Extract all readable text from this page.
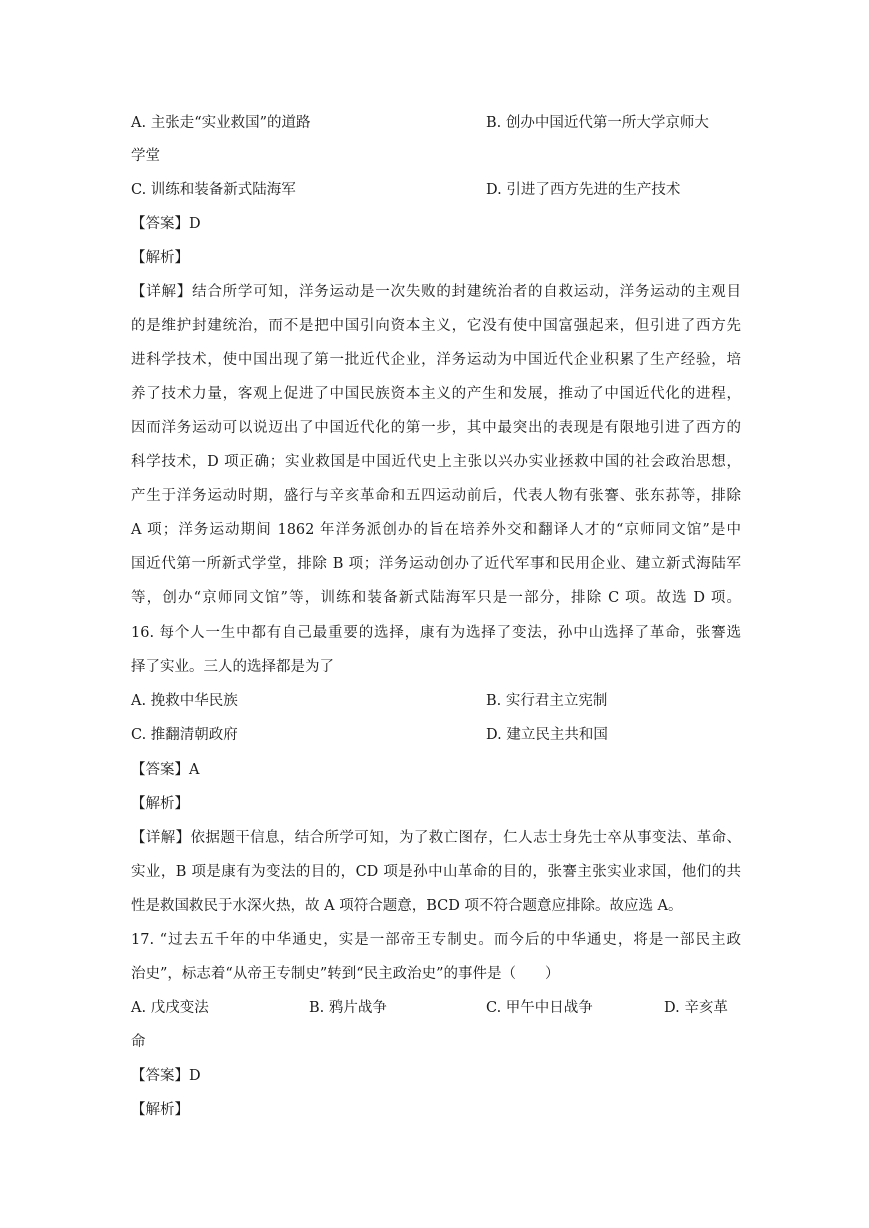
A. 主张走“实业救国”的道路	B. 创办中国近代第一所大学京师大
学堂
C. 训练和装备新式陆海军	D. 引进了西方先进的生产技术
【答案】D
【解析】
【详解】结合所学可知，洋务运动是一次失败的封建统治者的自救运动，洋务运动的主观目
的是维护封建统治，而不是把中国引向资本主义，它没有使中国富强起来，但引进了西方先
进科学技术，使中国出现了第一批近代企业，洋务运动为中国近代企业积累了生产经验，培
养了技术力量，客观上促进了中国民族资本主义的产生和发展，推动了中国近代化的进程，
因而洋务运动可以说迈出了中国近代化的第一步，其中最突出的表现是有限地引进了西方的
科学技术，D 项正确；实业救国是中国近代史上主张以兴办实业拯救中国的社会政治思想，
产生于洋务运动时期，盛行与辛亥革命和五四运动前后，代表人物有张謇、张东荪等，排除
A 项；洋务运动期间 1862 年洋务派创办的旨在培养外交和翻译人才的“京师同文馆”是中
国近代第一所新式学堂，排除 B 项；洋务运动创办了近代军事和民用企业、建立新式海陆军
等，创办“京师同文馆”等，训练和装备新式陆海军只是一部分，排除 C 项。故选 D 项。
16. 每个人一生中都有自己最重要的选择，康有为选择了变法，孙中山选择了革命，张謇选
择了实业。三人的选择都是为了
A. 挽救中华民族	B. 实行君主立宪制
C. 推翻清朝政府	D. 建立民主共和国
【答案】A
【解析】
【详解】依据题干信息，结合所学可知，为了救亡图存，仁人志士身先士卒从事变法、革命、
实业，B 项是康有为变法的目的，CD 项是孙中山革命的目的，张謇主张实业求国，他们的共
性是救国救民于水深火热，故 A 项符合题意，BCD 项不符合题意应排除。故应选 A。
17. “过去五千年的中华通史，实是一部帝王专制史。而今后的中华通史，将是一部民主政
治史”，标志着“从帝王专制史”转到“民主政治史”的事件是（　　）
A. 戊戌变法	B. 鸦片战争	C. 甲午中日战争	D. 辛亥革
命
【答案】D
【解析】
